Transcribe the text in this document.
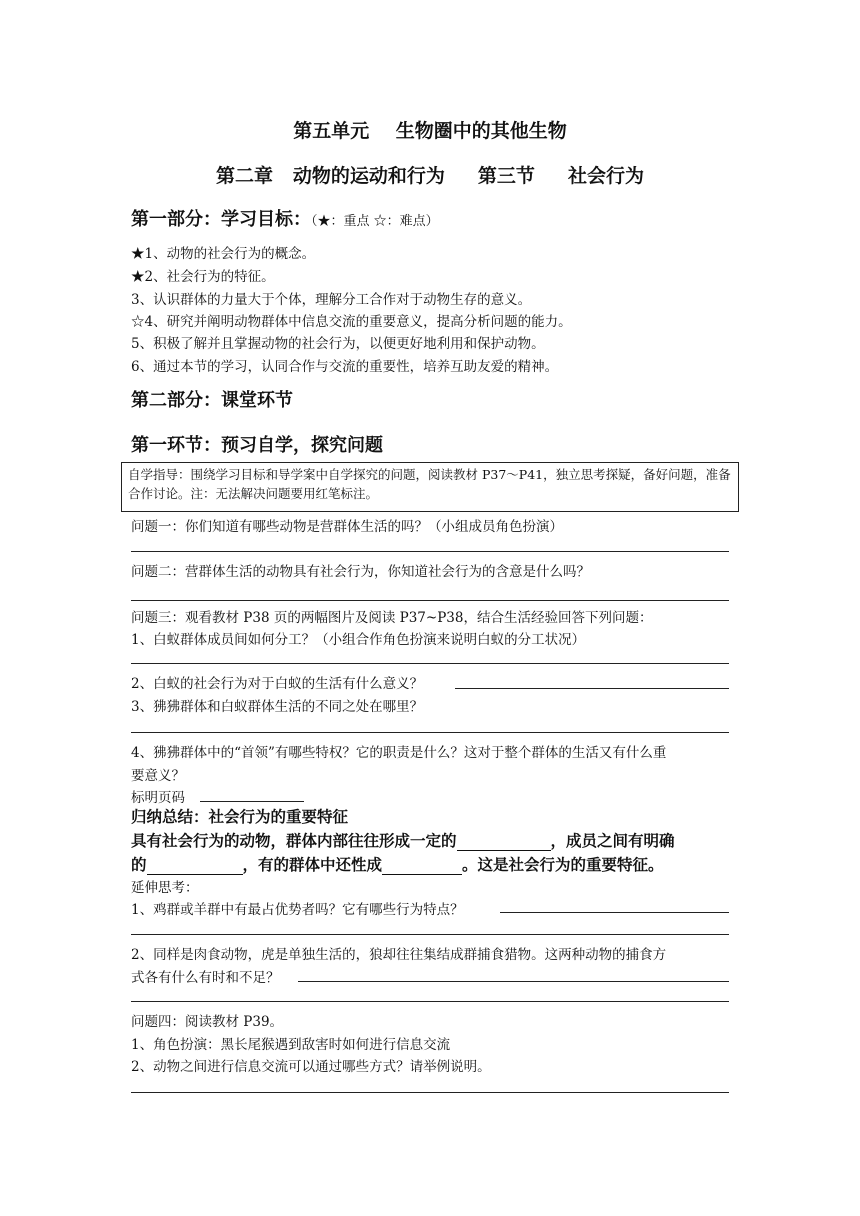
第五单元    生物圈中的其他生物
第二章   动物的运动和行为     第三节     社会行为
第一部分：学习目标：（★：重点 ☆：难点）
★1、动物的社会行为的概念。
★2、社会行为的特征。
3、认识群体的力量大于个体，理解分工合作对于动物生存的意义。
☆4、研究并阐明动物群体中信息交流的重要意义，提高分析问题的能力。
5、积极了解并且掌握动物的社会行为，以便更好地利用和保护动物。
6、通过本节的学习，认同合作与交流的重要性，培养互助友爱的精神。
第二部分：课堂环节
第一环节：预习自学，探究问题
自学指导：围绕学习目标和导学案中自学探究的问题，阅读教材 P37～P41，独立思考探疑，备好问题，准备合作讨论。注：无法解决问题要用红笔标注。
问题一：你们知道有哪些动物是营群体生活的吗？（小组成员角色扮演）
问题二：营群体生活的动物具有社会行为，你知道社会行为的含意是什么吗？
问题三：观看教材 P38 页的两幅图片及阅读 P37~P38，结合生活经验回答下列问题：
1、白蚁群体成员间如何分工？（小组合作角色扮演来说明白蚁的分工状况）
2、白蚁的社会行为对于白蚁的生活有什么意义？
3、狒狒群体和白蚁群体生活的不同之处在哪里？
4、狒狒群体中的“首领”有哪些特权？它的职责是什么？这对于整个群体的生活又有什么重
要意义？
标明页码
归纳总结：社会行为的重要特征
具有社会行为的动物，群体内部往往形成一定的	，成员之间有明确
的	，有的群体中还性成	。这是社会行为的重要特征。
延伸思考：
1、鸡群或羊群中有最占优势者吗？它有哪些行为特点？
2、同样是肉食动物，虎是单独生活的，狼却往往集结成群捕食猎物。这两种动物的捕食方
式各有什么有时和不足？
问题四：阅读教材 P39。
1、角色扮演：黑长尾猴遇到敌害时如何进行信息交流
2、动物之间进行信息交流可以通过哪些方式？请举例说明。
